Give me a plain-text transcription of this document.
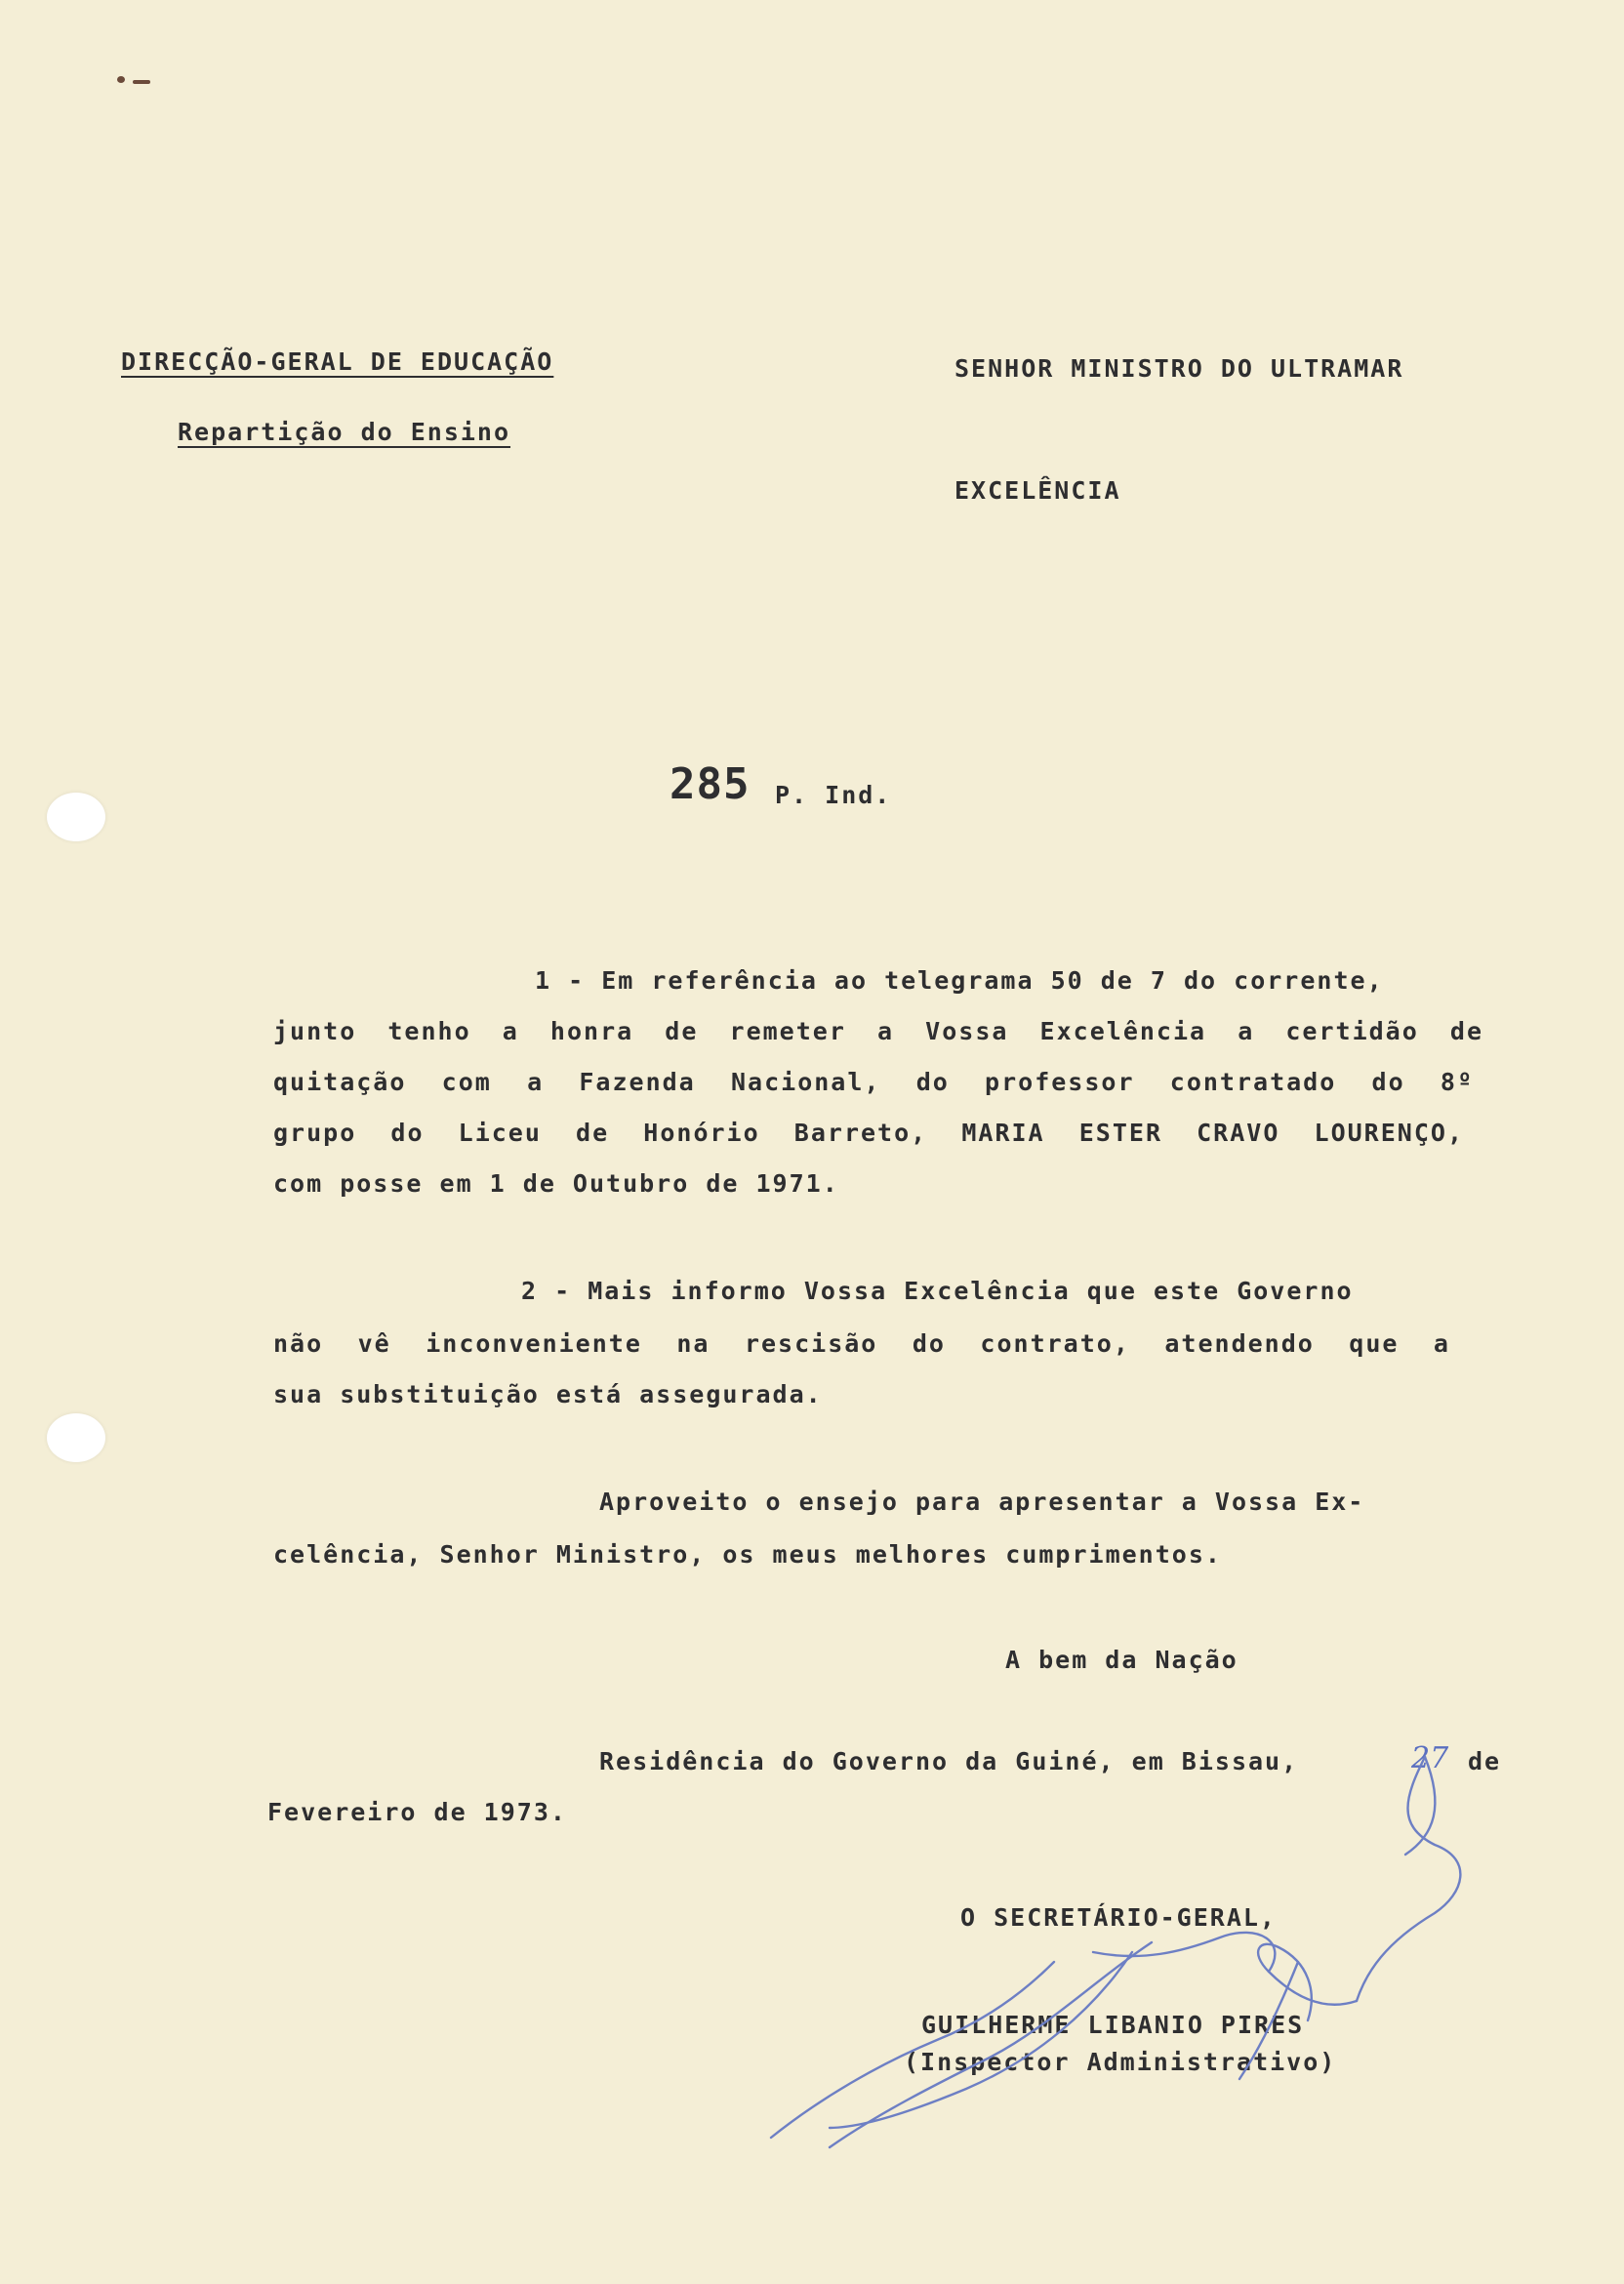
DIRECÇÃO-GERAL DE EDUCAÇÃO
Repartição do Ensino
SENHOR MINISTRO DO ULTRAMAR
EXCELÊNCIA
285 P. Ind.
1 - Em referência ao telegrama 50 de 7 do corrente,
junto tenho a honra de remeter a Vossa Excelência a certidão de
quitação com a Fazenda Nacional, do professor contratado do 8º
grupo do Liceu de Honório Barreto, MARIA ESTER CRAVO LOURENÇO,
com posse em 1 de Outubro de 1971.
2 - Mais informo Vossa Excelência que este Governo
não vê inconveniente na rescisão do contrato, atendendo que a
sua substituição está assegurada.
Aproveito o ensejo para apresentar a Vossa Ex-
celência, Senhor Ministro, os meus melhores cumprimentos.
A bem da Nação
Residência do Governo da Guiné, em Bissau,	27 de
Fevereiro de 1973.
O SECRETÁRIO-GERAL,
GUILHERME LIBANIO PIRES
(Inspector Administrativo)
